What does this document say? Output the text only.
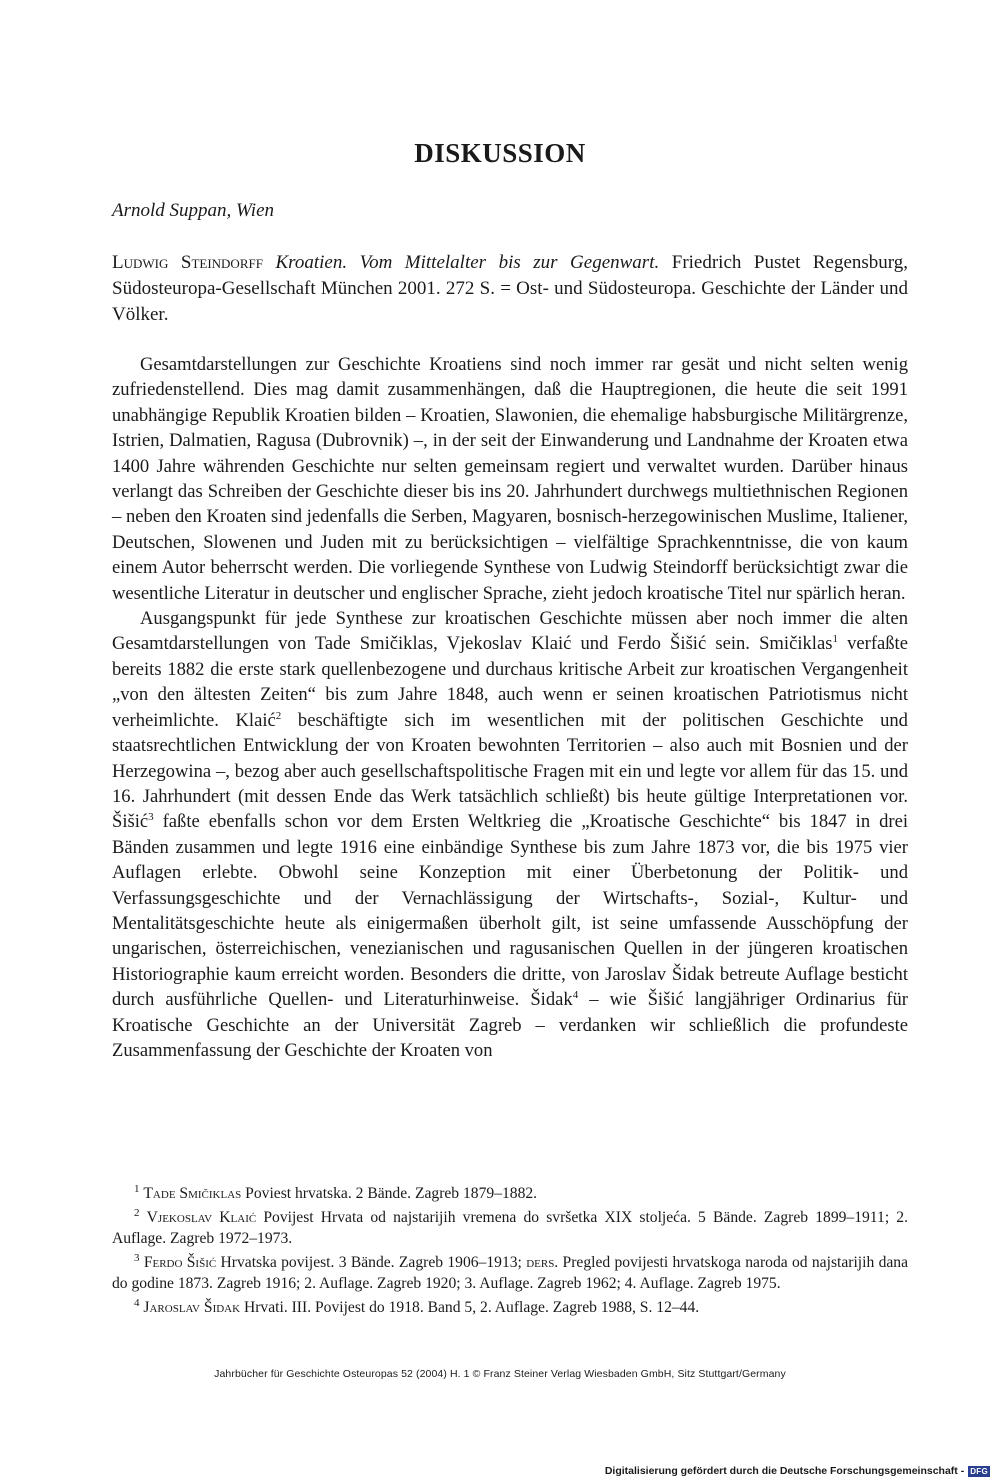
DISKUSSION
Arnold Suppan, Wien
Ludwig Steindorff Kroatien. Vom Mittelalter bis zur Gegenwart. Friedrich Pustet Regensburg, Südosteuropa-Gesellschaft München 2001. 272 S. = Ost- und Südosteuropa. Geschichte der Länder und Völker.

Gesamtdarstellungen zur Geschichte Kroatiens sind noch immer rar gesät und nicht selten wenig zufriedenstellend. Dies mag damit zusammenhängen, daß die Hauptregionen, die heute die seit 1991 unabhängige Republik Kroatien bilden – Kroatien, Slawonien, die ehemalige habsburgische Militärgrenze, Istrien, Dalmatien, Ragusa (Dubrovnik) –, in der seit der Einwanderung und Landnahme der Kroaten etwa 1400 Jahre währenden Geschichte nur selten gemeinsam regiert und verwaltet wurden. Darüber hinaus verlangt das Schreiben der Geschichte dieser bis ins 20. Jahrhundert durchwegs multiethnischen Regionen – neben den Kroaten sind jedenfalls die Serben, Magyaren, bosnisch-herzegowinischen Muslime, Italiener, Deutschen, Slowenen und Juden mit zu berücksichtigen – vielfältige Sprachkenntnisse, die von kaum einem Autor beherrscht werden. Die vorliegende Synthese von Ludwig Steindorff berücksichtigt zwar die wesentliche Literatur in deutscher und englischer Sprache, zieht jedoch kroatische Titel nur spärlich heran.

Ausgangspunkt für jede Synthese zur kroatischen Geschichte müssen aber noch immer die alten Gesamtdarstellungen von Tade Smičiklas, Vjekoslav Klaić und Ferdo Šišić sein. Smičiklas$^1$ verfaßte bereits 1882 die erste stark quellenbezogene und durchaus kritische Arbeit zur kroatischen Vergangenheit „von den ältesten Zeiten“ bis zum Jahre 1848, auch wenn er seinen kroatischen Patriotismus nicht verheimlichte. Klaić$^2$ beschäftigte sich im wesentlichen mit der politischen Geschichte und staatsrechtlichen Entwicklung der von Kroaten bewohnten Territorien – also auch mit Bosnien und der Herzegowina –, bezog aber auch gesellschaftspolitische Fragen mit ein und legte vor allem für das 15. und 16. Jahrhundert (mit dessen Ende das Werk tatsächlich schließt) bis heute gültige Interpretationen vor. Šišić$^3$ faßte ebenfalls schon vor dem Ersten Weltkrieg die „Kroatische Geschichte“ bis 1847 in drei Bänden zusammen und legte 1916 eine einbändige Synthese bis zum Jahre 1873 vor, die bis 1975 vier Auflagen erlebte. Obwohl seine Konzeption mit einer Überbetonung der Politik- und Verfassungsgeschichte und der Vernachlässigung der Wirtschafts-, Sozial-, Kultur- und Mentalitätsgeschichte heute als einigermaßen überholt gilt, ist seine umfassende Ausschöpfung der ungarischen, österreichischen, venezianischen und ragusanischen Quellen in der jüngeren kroatischen Historiographie kaum erreicht worden. Besonders die dritte, von Jaroslav Šidak betreute Auflage besticht durch ausführliche Quellen- und Literaturhinweise. Šidak$^4$ – wie Šišić langjähriger Ordinarius für Kroatische Geschichte an der Universität Zagreb – verdanken wir schließlich die profundeste Zusammenfassung der Geschichte der Kroaten von

$^1$ Tade Smičiklas Poviest hrvatska. 2 Bände. Zagreb 1879–1882.

$^2$ Vjekoslav Klaić Povijest Hrvata od najstarijih vremena do svršetka XIX stoljeća. 5 Bände. Zagreb 1899–1911; 2. Auflage. Zagreb 1972–1973.

$^3$ Ferdo Šišić Hrvatska povijest. 3 Bände. Zagreb 1906–1913; ders. Pregled povijesti hrvatskoga naroda od najstarijih dana do godine 1873. Zagreb 1916; 2. Auflage. Zagreb 1920; 3. Auflage. Zagreb 1962; 4. Auflage. Zagreb 1975.

$^4$ Jaroslav Šidak Hrvati. III. Povijest do 1918. Band 5, 2. Auflage. Zagreb 1988, S. 12–44.

Jahrbücher für Geschichte Osteuropas 52 (2004) H. 1 © Franz Steiner Verlag Wiesbaden GmbH, Sitz Stuttgart/Germany
Digitalisierung gefördert durch die Deutsche Forschungsgemeinschaft - DFG
